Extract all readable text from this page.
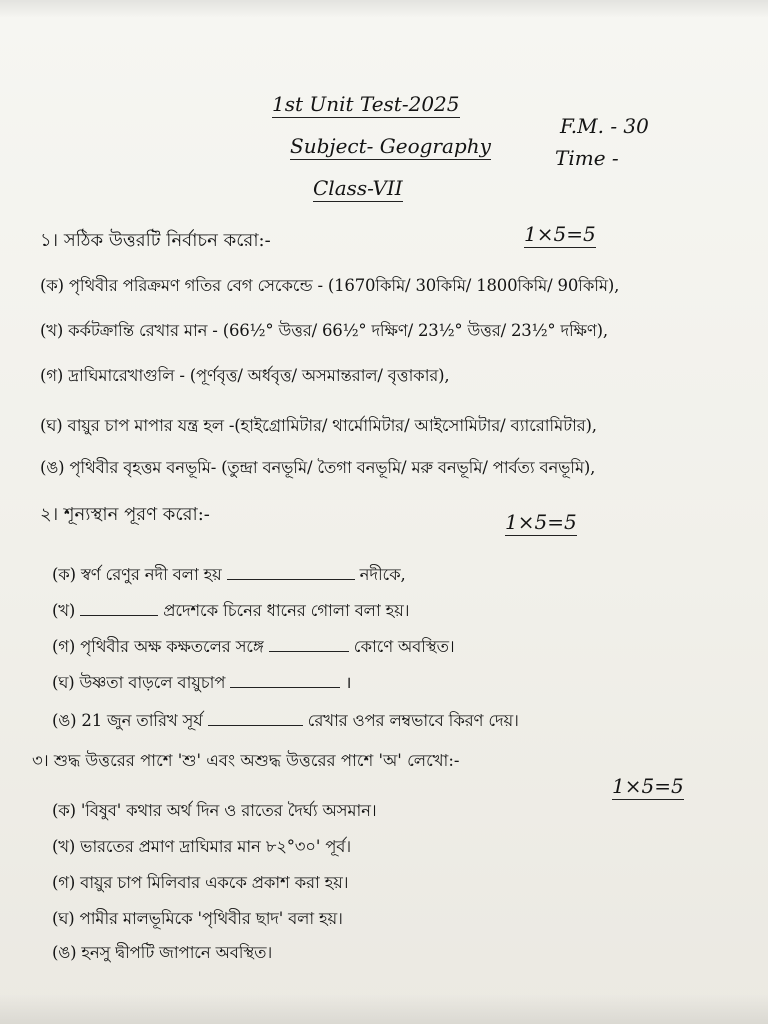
1st Unit Test-2025
Subject- Geography
Class-VII
F.M. - 30
Time -
১। সঠিক উত্তরটি নির্বাচন করো:-	1×5=5
(ক) পৃথিবীর পরিক্রমণ গতির বেগ সেকেন্ডে - (1670কিমি/ 30কিমি/ 1800কিমি/ 90কিমি),
(খ) কর্কটক্রান্তি রেখার মান - (66½° উত্তর/ 66½° দক্ষিণ/ 23½° উত্তর/ 23½° দক্ষিণ),
(গ) দ্রাঘিমারেখাগুলি - (পূর্ণবৃত্ত/ অর্ধবৃত্ত/ অসমান্তরাল/ বৃত্তাকার),
(ঘ) বায়ুর চাপ মাপার যন্ত্র হল -(হাইগ্রোমিটার/ থার্মোমিটার/ আইসোমিটার/ ব্যারোমিটার),
(ঙ) পৃথিবীর বৃহত্তম বনভূমি- (তুন্দ্রা বনভূমি/ তৈগা বনভূমি/ মরু বনভূমি/ পার্বত্য বনভূমি),
২। শূন্যস্থান পূরণ করো:-	1×5=5
(ক) স্বর্ণ রেণুর নদী বলা হয়	নদীকে,
(খ)	প্রদেশকে চিনের ধানের গোলা বলা হয়।
(গ) পৃথিবীর অক্ষ কক্ষতলের সঙ্গে	কোণে অবস্থিত।
(ঘ) উষ্ণতা বাড়লে বায়ুচাপ	।
(ঙ) 21 জুন তারিখ সূর্য	রেখার ওপর লম্বভাবে কিরণ দেয়।
৩। শুদ্ধ উত্তরের পাশে 'শু' এবং অশুদ্ধ উত্তরের পাশে 'অ' লেখো:-
1×5=5
(ক) 'বিষুব' কথার অর্থ দিন ও রাতের দৈর্ঘ্য অসমান।
(খ) ভারতের প্রমাণ দ্রাঘিমার মান ৮২°৩০' পূর্ব।
(গ) বায়ুর চাপ মিলিবার এককে প্রকাশ করা হয়।
(ঘ) পামীর মালভূমিকে 'পৃথিবীর ছাদ' বলা হয়।
(ঙ) হনসু দ্বীপটি জাপানে অবস্থিত।
